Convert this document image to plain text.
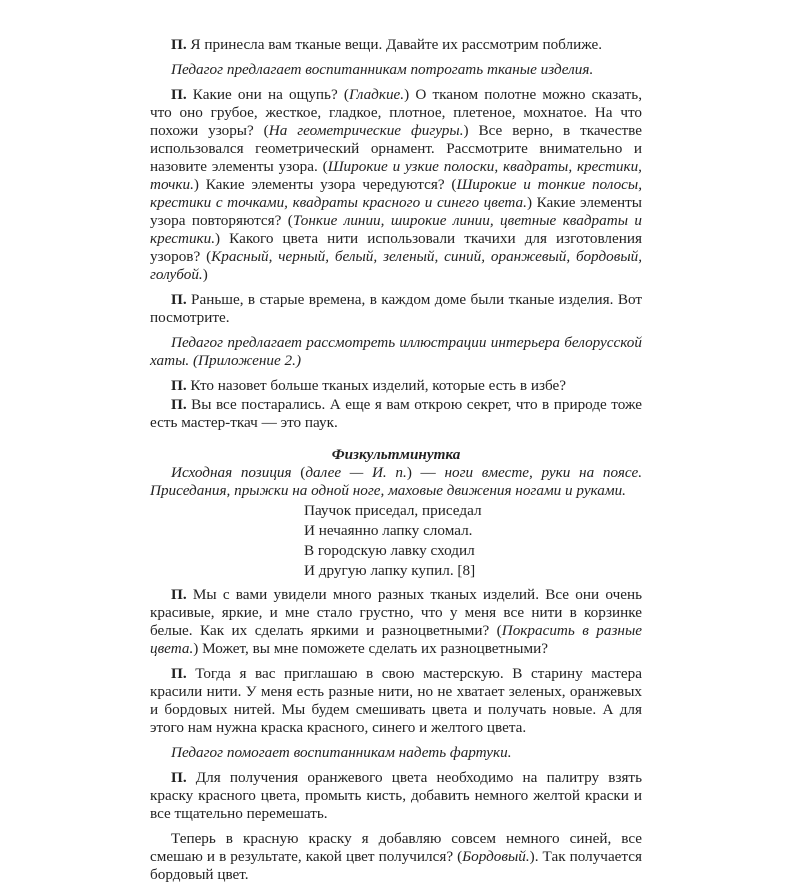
П. Я принесла вам тканые вещи. Давайте их рассмотрим поближе.

Педагог предлагает воспитанникам потрогать тканые изделия.

П. Какие они на ощупь? (Гладкие.) О тканом полотне можно сказать, что оно грубое, жесткое, гладкое, плотное, плетеное, мохнатое. На что похожи узоры? (На геометрические фигуры.) Все верно, в ткачестве использовался геометрический орнамент. Рассмотрите внимательно и назовите элементы узора. (Широкие и узкие полоски, квадраты, крестики, точки.) Какие элементы узора чередуются? (Широкие и тонкие полосы, крестики с точками, квадраты красного и синего цвета.) Какие элементы узора повторяются? (Тонкие линии, широкие линии, цветные квадраты и крестики.) Какого цвета нити использовали ткачихи для изготовления узоров? (Красный, черный, белый, зеленый, синий, оранжевый, бордовый, голубой.)

П. Раньше, в старые времена, в каждом доме были тканые изделия. Вот посмотрите.

Педагог предлагает рассмотреть иллюстрации интерьера белорусской хаты. (Приложение 2.)

П. Кто назовет больше тканых изделий, которые есть в избе?

П. Вы все постарались. А еще я вам открою секрет, что в природе тоже есть мастер-ткач — это паук.

Физкультминутка

Исходная позиция (далее — И. п.) — ноги вместе, руки на поясе. Приседания, прыжки на одной ноге, маховые движения ногами и руками.

Паучок приседал, приседал
И нечаянно лапку сломал.
В городскую лавку сходил
И другую лапку купил. [8]

П. Мы с вами увидели много разных тканых изделий. Все они очень красивые, яркие, и мне стало грустно, что у меня все нити в корзинке белые. Как их сделать яркими и разноцветными? (Покрасить в разные цвета.) Может, вы мне поможете сделать их разноцветными?

П. Тогда я вас приглашаю в свою мастерскую. В старину мастера красили нити. У меня есть разные нити, но не хватает зеленых, оранжевых и бордовых нитей. Мы будем смешивать цвета и получать новые. А для этого нам нужна краска красного, синего и желтого цвета.

Педагог помогает воспитанникам надеть фартуки.

П. Для получения оранжевого цвета необходимо на палитру взять краску красного цвета, промыть кисть, добавить немного желтой краски и все тщательно перемешать.

Теперь в красную краску я добавляю совсем немного синей, все смешаю и в результате, какой цвет получился? (Бордовый.). Так получается бордовый цвет.
